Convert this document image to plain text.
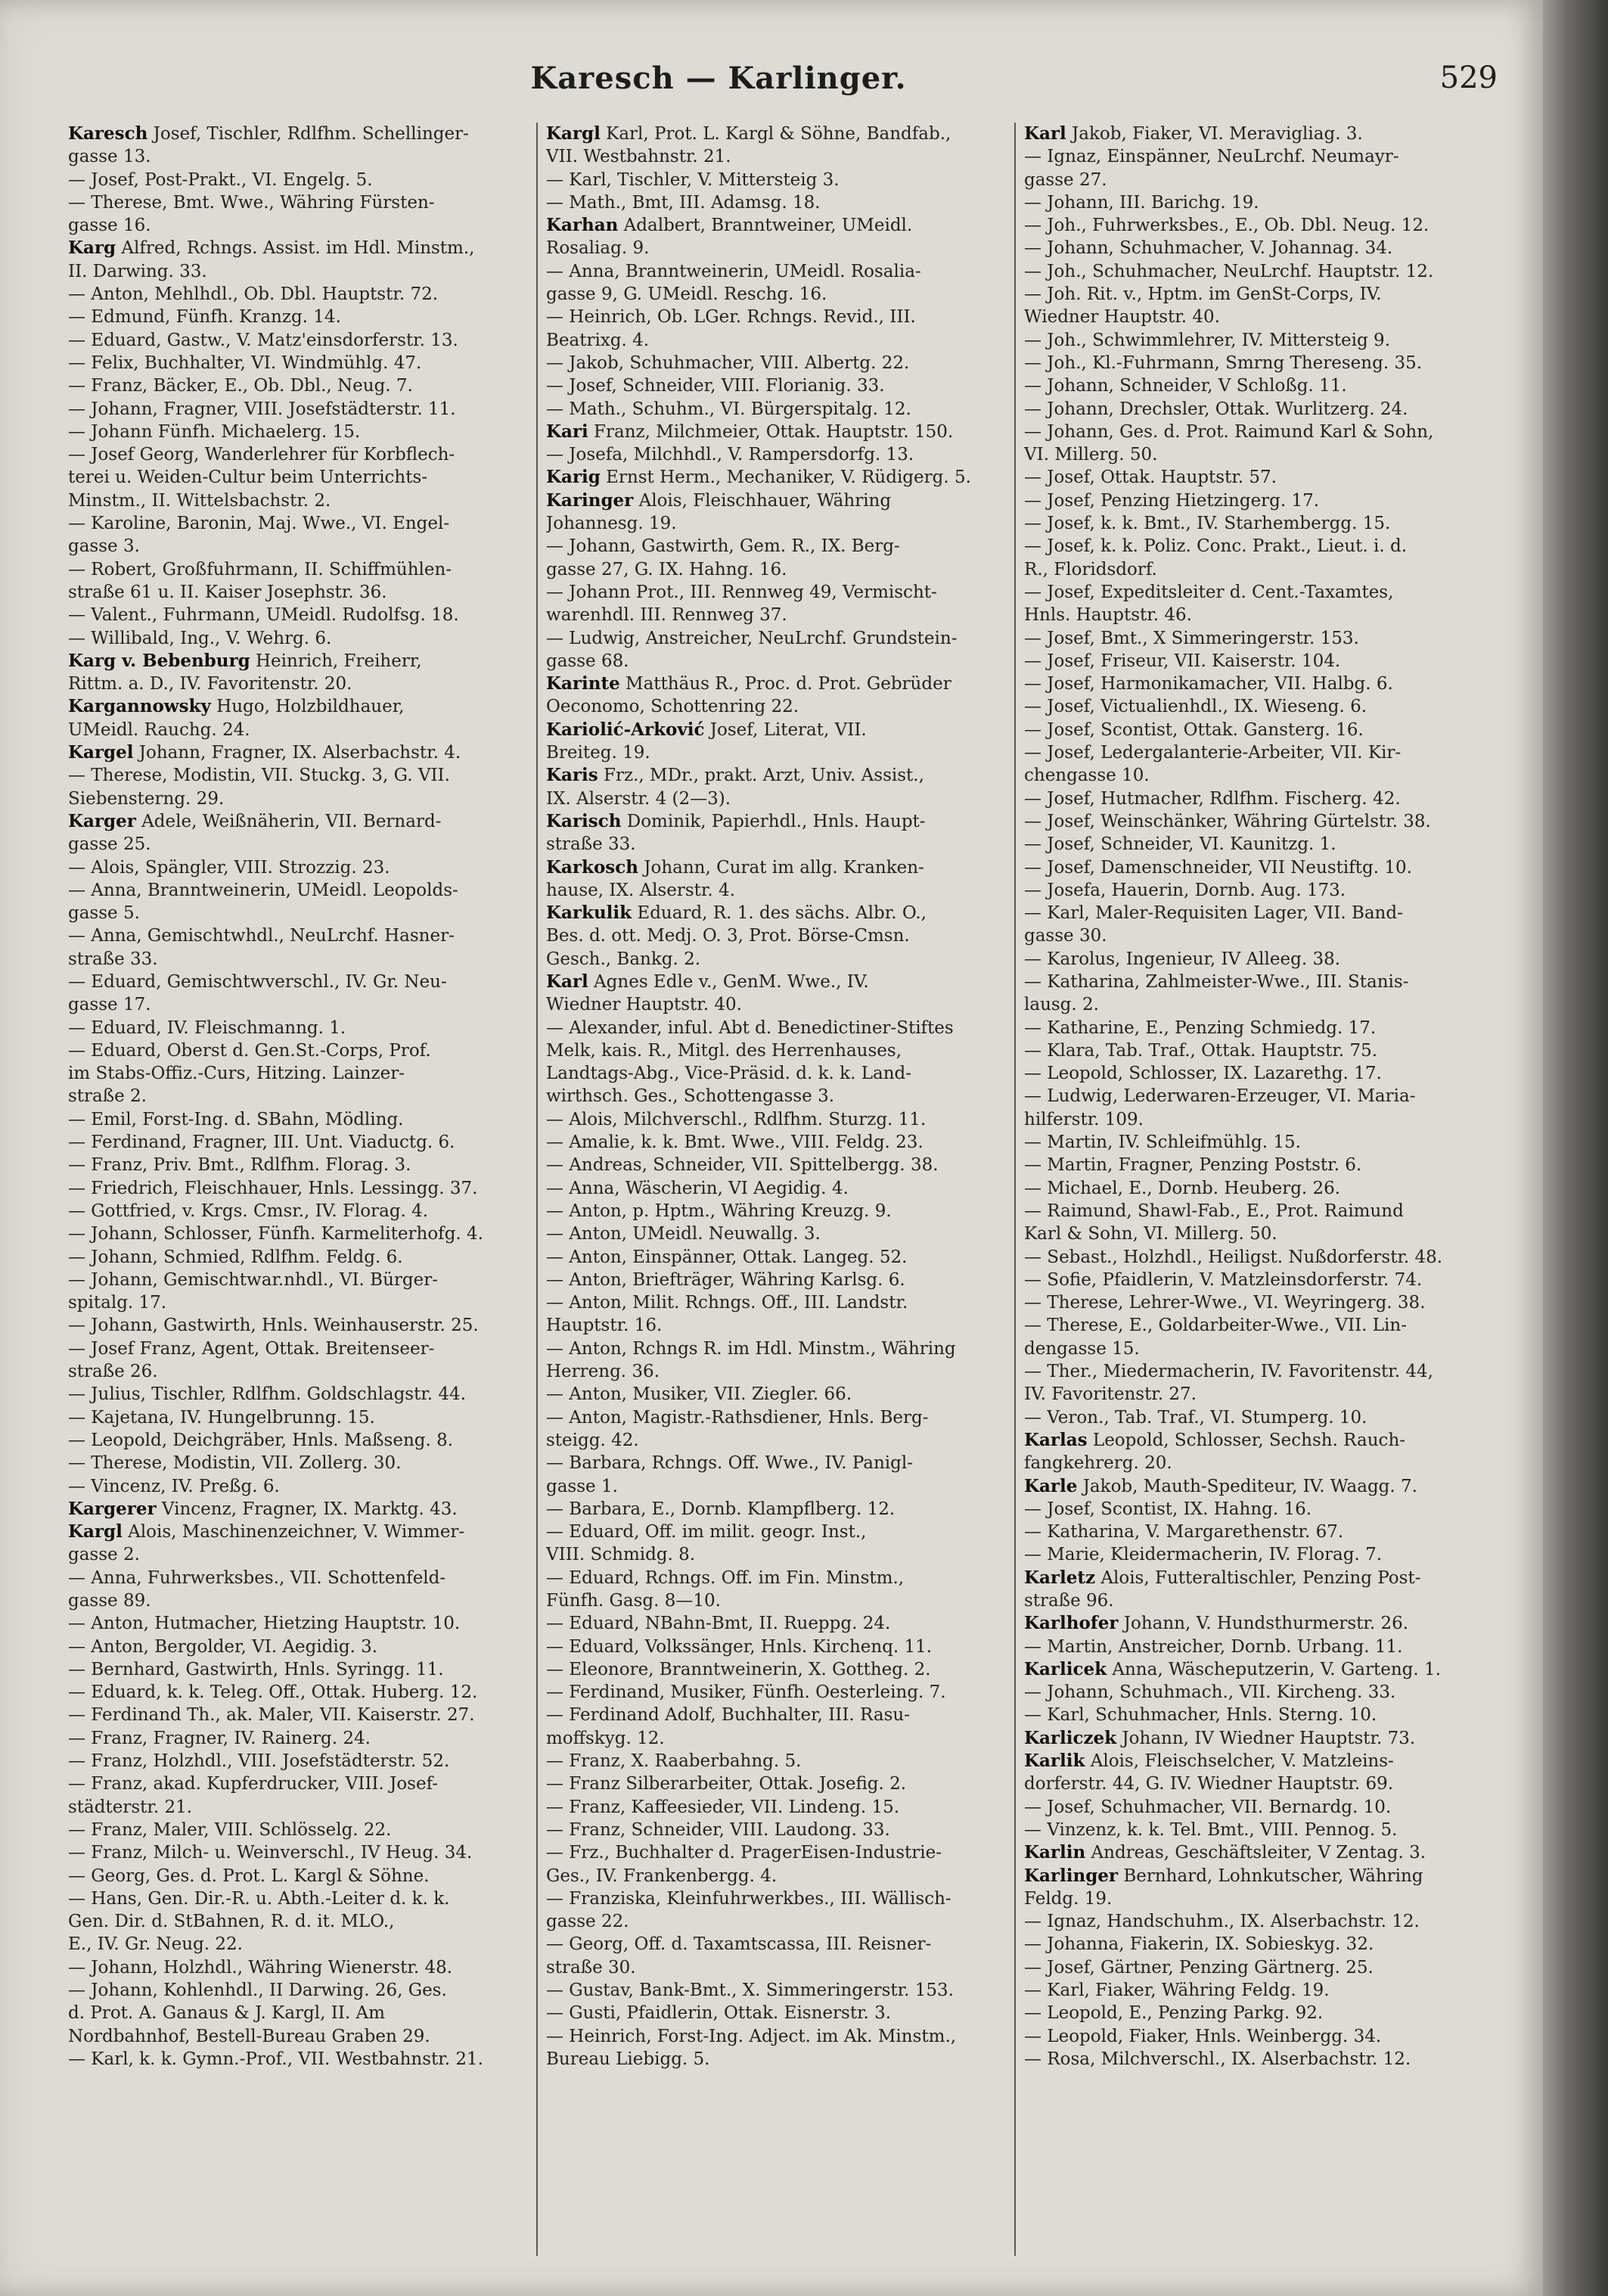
Karesch — Karlinger.	529
Karesch Josef, Tischler, Rdlfhm. Schellinger-
gasse 13.
— Josef, Post-Prakt., VI. Engelg. 5.
— Therese, Bmt. Wwe., Währing Fürsten-
gasse 16.
Karg Alfred, Rchngs. Assist. im Hdl. Minstm.,
II. Darwing. 33.
— Anton, Mehlhdl., Ob. Dbl. Hauptstr. 72.
— Edmund, Fünfh. Kranzg. 14.
— Eduard, Gastw., V. Matz'einsdorferstr. 13.
— Felix, Buchhalter, VI. Windmühlg. 47.
— Franz, Bäcker, E., Ob. Dbl., Neug. 7.
— Johann, Fragner, VIII. Josefstädterstr. 11.
— Johann Fünfh. Michaelerg. 15.
— Josef Georg, Wanderlehrer für Korbflech-
terei u. Weiden-Cultur beim Unterrichts-
Minstm., II. Wittelsbachstr. 2.
— Karoline, Baronin, Maj. Wwe., VI. Engel-
gasse 3.
— Robert, Großfuhrmann, II. Schiffmühlen-
straße 61 u. II. Kaiser Josephstr. 36.
— Valent., Fuhrmann, UMeidl. Rudolfsg. 18.
— Willibald, Ing., V. Wehrg. 6.
Karg v. Bebenburg Heinrich, Freiherr,
Rittm. a. D., IV. Favoritenstr. 20.
Kargannowsky Hugo, Holzbildhauer,
UMeidl. Rauchg. 24.
Kargel Johann, Fragner, IX. Alserbachstr. 4.
— Therese, Modistin, VII. Stuckg. 3, G. VII.
Siebensterng. 29.
Karger Adele, Weißnäherin, VII. Bernard-
gasse 25.
— Alois, Spängler, VIII. Strozzig. 23.
— Anna, Branntweinerin, UMeidl. Leopolds-
gasse 5.
— Anna, Gemischtwhdl., NeuLrchf. Hasner-
straße 33.
— Eduard, Gemischtwverschl., IV. Gr. Neu-
gasse 17.
— Eduard, IV. Fleischmanng. 1.
— Eduard, Oberst d. Gen.St.-Corps, Prof.
im Stabs-Offiz.-Curs, Hitzing. Lainzer-
straße 2.
— Emil, Forst-Ing. d. SBahn, Mödling.
— Ferdinand, Fragner, III. Unt. Viaductg. 6.
— Franz, Priv. Bmt., Rdlfhm. Florag. 3.
— Friedrich, Fleischhauer, Hnls. Lessingg. 37.
— Gottfried, v. Krgs. Cmsr., IV. Florag. 4.
— Johann, Schlosser, Fünfh. Karmeliterhofg. 4.
— Johann, Schmied, Rdlfhm. Feldg. 6.
— Johann, Gemischtwar.nhdl., VI. Bürger-
spitalg. 17.
— Johann, Gastwirth, Hnls. Weinhauserstr. 25.
— Josef Franz, Agent, Ottak. Breitenseer-
straße 26.
— Julius, Tischler, Rdlfhm. Goldschlagstr. 44.
— Kajetana, IV. Hungelbrunng. 15.
— Leopold, Deichgräber, Hnls. Maßseng. 8.
— Therese, Modistin, VII. Zollerg. 30.
— Vincenz, IV. Preßg. 6.
Kargerer Vincenz, Fragner, IX. Marktg. 43.
Kargl Alois, Maschinenzeichner, V. Wimmer-
gasse 2.
— Anna, Fuhrwerksbes., VII. Schottenfeld-
gasse 89.
— Anton, Hutmacher, Hietzing Hauptstr. 10.
— Anton, Bergolder, VI. Aegidig. 3.
— Bernhard, Gastwirth, Hnls. Syringg. 11.
— Eduard, k. k. Teleg. Off., Ottak. Huberg. 12.
— Ferdinand Th., ak. Maler, VII. Kaiserstr. 27.
— Franz, Fragner, IV. Rainerg. 24.
— Franz, Holzhdl., VIII. Josefstädterstr. 52.
— Franz, akad. Kupferdrucker, VIII. Josef-
städterstr. 21.
— Franz, Maler, VIII. Schlösselg. 22.
— Franz, Milch- u. Weinverschl., IV Heug. 34.
— Georg, Ges. d. Prot. L. Kargl & Söhne.
— Hans, Gen. Dir.-R. u. Abth.-Leiter d. k. k.
Gen. Dir. d. StBahnen, R. d. it. MLO.,
E., IV. Gr. Neug. 22.
— Johann, Holzhdl., Währing Wienerstr. 48.
— Johann, Kohlenhdl., II Darwing. 26, Ges.
d. Prot. A. Ganaus & J. Kargl, II. Am
Nordbahnhof, Bestell-Bureau Graben 29.
— Karl, k. k. Gymn.-Prof., VII. Westbahnstr. 21.
Kargl Karl, Prot. L. Kargl & Söhne, Bandfab.,
VII. Westbahnstr. 21.
— Karl, Tischler, V. Mittersteig 3.
— Math., Bmt, III. Adamsg. 18.
Karhan Adalbert, Branntweiner, UMeidl.
Rosaliag. 9.
— Anna, Branntweinerin, UMeidl. Rosalia-
gasse 9, G. UMeidl. Reschg. 16.
— Heinrich, Ob. LGer. Rchngs. Revid., III.
Beatrixg. 4.
— Jakob, Schuhmacher, VIII. Albertg. 22.
— Josef, Schneider, VIII. Florianig. 33.
— Math., Schuhm., VI. Bürgerspitalg. 12.
Kari Franz, Milchmeier, Ottak. Hauptstr. 150.
— Josefa, Milchhdl., V. Rampersdorfg. 13.
Karig Ernst Herm., Mechaniker, V. Rüdigerg. 5.
Karinger Alois, Fleischhauer, Währing
Johannesg. 19.
— Johann, Gastwirth, Gem. R., IX. Berg-
gasse 27, G. IX. Hahng. 16.
— Johann Prot., III. Rennweg 49, Vermischt-
warenhdl. III. Rennweg 37.
— Ludwig, Anstreicher, NeuLrchf. Grundstein-
gasse 68.
Karinte Matthäus R., Proc. d. Prot. Gebrüder
Oeconomo, Schottenring 22.
Kariolić-Arković Josef, Literat, VII.
Breiteg. 19.
Karis Frz., MDr., prakt. Arzt, Univ. Assist.,
IX. Alserstr. 4 (2—3).
Karisch Dominik, Papierhdl., Hnls. Haupt-
straße 33.
Karkosch Johann, Curat im allg. Kranken-
hause, IX. Alserstr. 4.
Karkulik Eduard, R. 1. des sächs. Albr. O.,
Bes. d. ott. Medj. O. 3, Prot. Börse-Cmsn.
Gesch., Bankg. 2.
Karl Agnes Edle v., GenM. Wwe., IV.
Wiedner Hauptstr. 40.
— Alexander, inful. Abt d. Benedictiner-Stiftes
Melk, kais. R., Mitgl. des Herrenhauses,
Landtags-Abg., Vice-Präsid. d. k. k. Land-
wirthsch. Ges., Schottengasse 3.
— Alois, Milchverschl., Rdlfhm. Sturzg. 11.
— Amalie, k. k. Bmt. Wwe., VIII. Feldg. 23.
— Andreas, Schneider, VII. Spittelbergg. 38.
— Anna, Wäscherin, VI Aegidig. 4.
— Anton, p. Hptm., Währing Kreuzg. 9.
— Anton, UMeidl. Neuwallg. 3.
— Anton, Einspänner, Ottak. Langeg. 52.
— Anton, Briefträger, Währing Karlsg. 6.
— Anton, Milit. Rchngs. Off., III. Landstr.
Hauptstr. 16.
— Anton, Rchngs R. im Hdl. Minstm., Währing
Herreng. 36.
— Anton, Musiker, VII. Ziegler. 66.
— Anton, Magistr.-Rathsdiener, Hnls. Berg-
steigg. 42.
— Barbara, Rchngs. Off. Wwe., IV. Panigl-
gasse 1.
— Barbara, E., Dornb. Klampflberg. 12.
— Eduard, Off. im milit. geogr. Inst.,
VIII. Schmidg. 8.
— Eduard, Rchngs. Off. im Fin. Minstm.,
Fünfh. Gasg. 8—10.
— Eduard, NBahn-Bmt, II. Rueppg. 24.
— Eduard, Volkssänger, Hnls. Kirchenq. 11.
— Eleonore, Branntweinerin, X. Gottheg. 2.
— Ferdinand, Musiker, Fünfh. Oesterleing. 7.
— Ferdinand Adolf, Buchhalter, III. Rasu-
moffskyg. 12.
— Franz, X. Raaberbahng. 5.
— Franz Silberarbeiter, Ottak. Josefig. 2.
— Franz, Kaffeesieder, VII. Lindeng. 15.
— Franz, Schneider, VIII. Laudong. 33.
— Frz., Buchhalter d. PragerEisen-Industrie-
Ges., IV. Frankenbergg. 4.
— Franziska, Kleinfuhrwerkbes., III. Wällisch-
gasse 22.
— Georg, Off. d. Taxamtscassa, III. Reisner-
straße 30.
— Gustav, Bank-Bmt., X. Simmeringerstr. 153.
— Gusti, Pfaidlerin, Ottak. Eisnerstr. 3.
— Heinrich, Forst-Ing. Adject. im Ak. Minstm.,
Bureau Liebigg. 5.
Karl Jakob, Fiaker, VI. Meravigliag. 3.
— Ignaz, Einspänner, NeuLrchf. Neumayr-
gasse 27.
— Johann, III. Barichg. 19.
— Joh., Fuhrwerksbes., E., Ob. Dbl. Neug. 12.
— Johann, Schuhmacher, V. Johannag. 34.
— Joh., Schuhmacher, NeuLrchf. Hauptstr. 12.
— Joh. Rit. v., Hptm. im GenSt-Corps, IV.
Wiedner Hauptstr. 40.
— Joh., Schwimmlehrer, IV. Mittersteig 9.
— Joh., Kl.-Fuhrmann, Smrng Thereseng. 35.
— Johann, Schneider, V Schloßg. 11.
— Johann, Drechsler, Ottak. Wurlitzerg. 24.
— Johann, Ges. d. Prot. Raimund Karl & Sohn,
VI. Millerg. 50.
— Josef, Ottak. Hauptstr. 57.
— Josef, Penzing Hietzingerg. 17.
— Josef, k. k. Bmt., IV. Starhembergg. 15.
— Josef, k. k. Poliz. Conc. Prakt., Lieut. i. d.
R., Floridsdorf.
— Josef, Expeditsleiter d. Cent.-Taxamtes,
Hnls. Hauptstr. 46.
— Josef, Bmt., X Simmeringerstr. 153.
— Josef, Friseur, VII. Kaiserstr. 104.
— Josef, Harmonikamacher, VII. Halbg. 6.
— Josef, Victualienhdl., IX. Wieseng. 6.
— Josef, Scontist, Ottak. Gansterg. 16.
— Josef, Ledergalanterie-Arbeiter, VII. Kir-
chengasse 10.
— Josef, Hutmacher, Rdlfhm. Fischerg. 42.
— Josef, Weinschänker, Währing Gürtelstr. 38.
— Josef, Schneider, VI. Kaunitzg. 1.
— Josef, Damenschneider, VII Neustiftg. 10.
— Josefa, Hauerin, Dornb. Aug. 173.
— Karl, Maler-Requisiten Lager, VII. Band-
gasse 30.
— Karolus, Ingenieur, IV Alleeg. 38.
— Katharina, Zahlmeister-Wwe., III. Stanis-
lausg. 2.
— Katharine, E., Penzing Schmiedg. 17.
— Klara, Tab. Traf., Ottak. Hauptstr. 75.
— Leopold, Schlosser, IX. Lazarethg. 17.
— Ludwig, Lederwaren-Erzeuger, VI. Maria-
hilferstr. 109.
— Martin, IV. Schleifmühlg. 15.
— Martin, Fragner, Penzing Poststr. 6.
— Michael, E., Dornb. Heuberg. 26.
— Raimund, Shawl-Fab., E., Prot. Raimund
Karl & Sohn, VI. Millerg. 50.
— Sebast., Holzhdl., Heiligst. Nußdorferstr. 48.
— Sofie, Pfaidlerin, V. Matzleinsdorferstr. 74.
— Therese, Lehrer-Wwe., VI. Weyringerg. 38.
— Therese, E., Goldarbeiter-Wwe., VII. Lin-
dengasse 15.
— Ther., Miedermacherin, IV. Favoritenstr. 44,
IV. Favoritenstr. 27.
— Veron., Tab. Traf., VI. Stumperg. 10.
Karlas Leopold, Schlosser, Sechsh. Rauch-
fangkehrerg. 20.
Karle Jakob, Mauth-Spediteur, IV. Waagg. 7.
— Josef, Scontist, IX. Hahng. 16.
— Katharina, V. Margarethenstr. 67.
— Marie, Kleidermacherin, IV. Florag. 7.
Karletz Alois, Futteraltischler, Penzing Post-
straße 96.
Karlhofer Johann, V. Hundsthurmerstr. 26.
— Martin, Anstreicher, Dornb. Urbang. 11.
Karlicek Anna, Wäscheputzerin, V. Garteng. 1.
— Johann, Schuhmach., VII. Kircheng. 33.
— Karl, Schuhmacher, Hnls. Sterng. 10.
Karliczek Johann, IV Wiedner Hauptstr. 73.
Karlik Alois, Fleischselcher, V. Matzleins-
dorferstr. 44, G. IV. Wiedner Hauptstr. 69.
— Josef, Schuhmacher, VII. Bernardg. 10.
— Vinzenz, k. k. Tel. Bmt., VIII. Pennog. 5.
Karlin Andreas, Geschäftsleiter, V Zentag. 3.
Karlinger Bernhard, Lohnkutscher, Währing
Feldg. 19.
— Ignaz, Handschuhm., IX. Alserbachstr. 12.
— Johanna, Fiakerin, IX. Sobieskyg. 32.
— Josef, Gärtner, Penzing Gärtnerg. 25.
— Karl, Fiaker, Währing Feldg. 19.
— Leopold, E., Penzing Parkg. 92.
— Leopold, Fiaker, Hnls. Weinbergg. 34.
— Rosa, Milchverschl., IX. Alserbachstr. 12.
